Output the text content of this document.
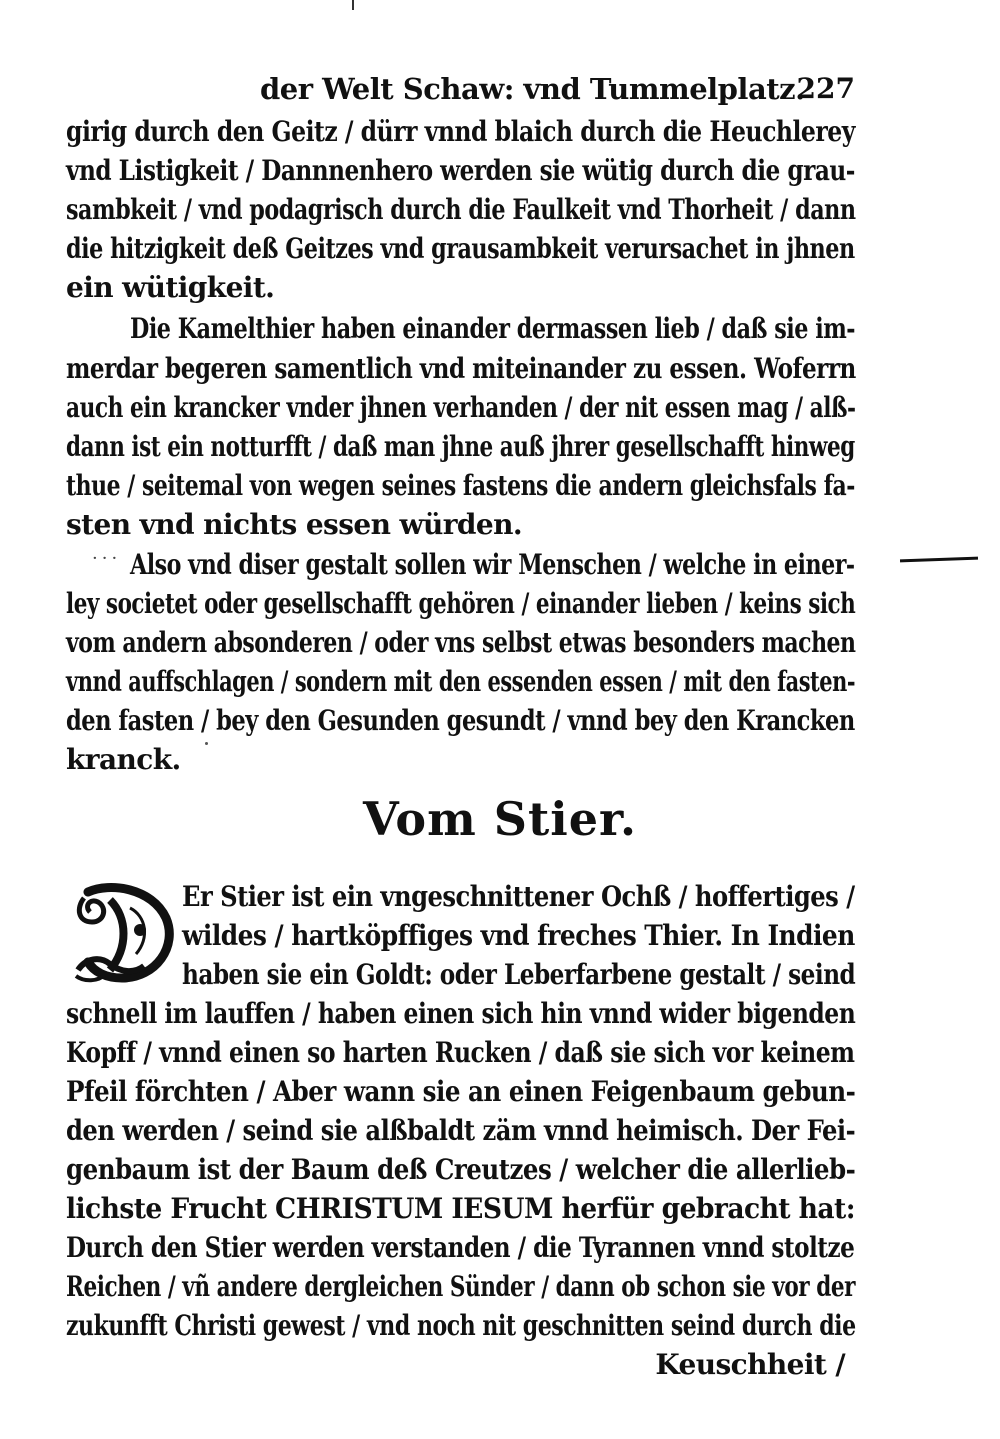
der Welt Schaw: vnd Tummelplatz.
227
girig durch den Geitz / dürr vnnd blaich durch die Heuchlerey
vnd Listigkeit / Dannnenhero werden sie wütig durch die grau-
sambkeit / vnd podagrisch durch die Faulkeit vnd Thorheit / dann
die hitzigkeit deß Geitzes vnd grausambkeit verursachet in jhnen
ein wütigkeit.
Die Kamelthier haben einander dermassen lieb / daß sie im-
merdar begeren samentlich vnd miteinander zu essen. Woferrn
auch ein krancker vnder jhnen verhanden / der nit essen mag / alß-
dann ist ein notturfft / daß man jhne auß jhrer gesellschafft hinweg
thue / seitemal von wegen seines fastens die andern gleichsfals fa-
sten vnd nichts essen würden.
··· Also vnd diser gestalt sollen wir Menschen / welche in einer-
ley societet oder gesellschafft gehören / einander lieben / keins sich
vom andern absonderen / oder vns selbst etwas besonders machen
vnnd auffschlagen / sondern mit den essenden essen / mit den fasten-
den fasten / bey den Gesunden gesundt / vnnd bey den Krancken
kranck.
Vom Stier.
Er Stier ist ein vngeschnittener Ochß / hoffertiges /
wildes / hartköpffiges vnd freches Thier. In Indien
haben sie ein Goldt: oder Leberfarbene gestalt / seind
schnell im lauffen / haben einen sich hin vnnd wider bigenden
Kopff / vnnd einen so harten Rucken / daß sie sich vor keinem
Pfeil förchten / Aber wann sie an einen Feigenbaum gebun-
den werden / seind sie alßbaldt zäm vnnd heimisch. Der Fei-
genbaum ist der Baum deß Creutzes / welcher die allerlieb-
lichste Frucht CHRISTUM IESUM herfür gebracht hat:
Durch den Stier werden verstanden / die Tyrannen vnnd stoltze
Reichen / vñ andere dergleichen Sünder / dann ob schon sie vor der
zukunfft Christi gewest / vnd noch nit geschnitten seind durch die
Keuschheit /
